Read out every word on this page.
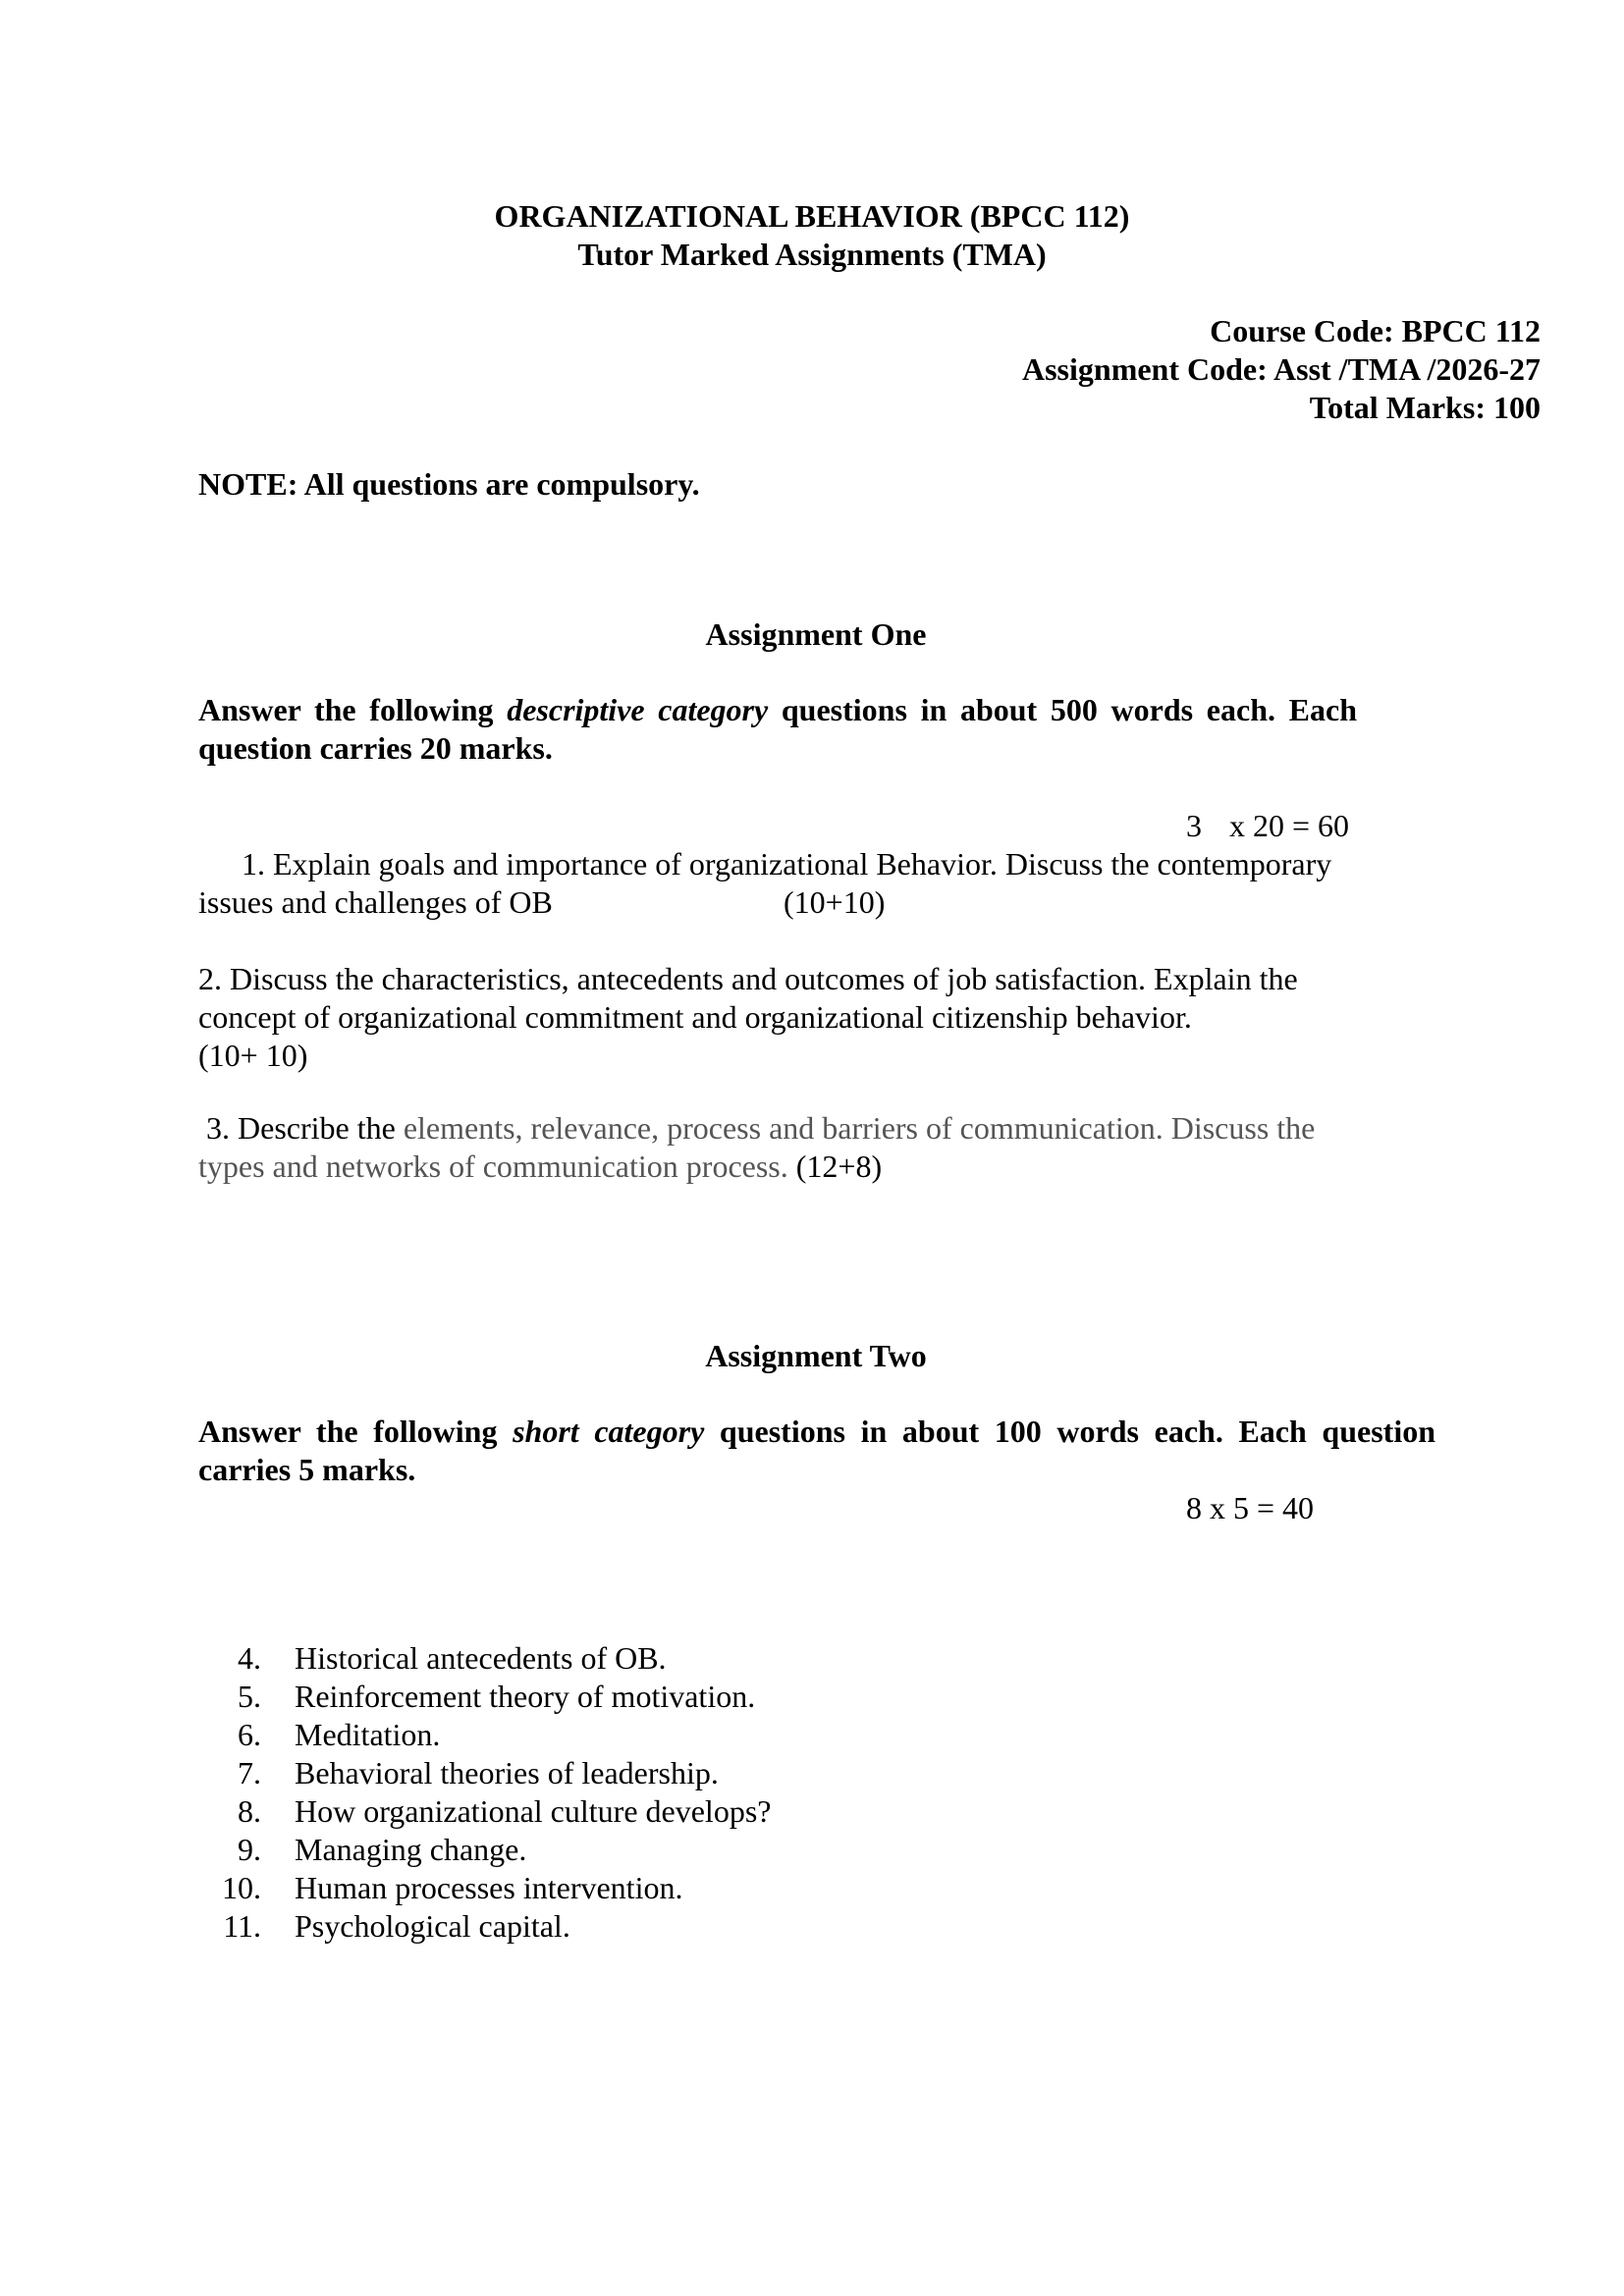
ORGANIZATIONAL BEHAVIOR (BPCC 112)
Tutor Marked Assignments (TMA)
Course Code: BPCC 112
Assignment Code: Asst /TMA /2026-27
Total Marks: 100
NOTE: All questions are compulsory.
Assignment One
Answer the following descriptive category questions in about 500 words each. Each
question carries 20 marks.
3 x 20 = 60
1. Explain goals and importance of organizational Behavior. Discuss the contemporary
issues and challenges of OB	(10+10)
2. Discuss the characteristics, antecedents and outcomes of job satisfaction. Explain the
concept of organizational commitment and organizational citizenship behavior.
(10+ 10)
3. Describe the elements, relevance, process and barriers of communication. Discuss the
types and networks of communication process. (12+8)
Assignment Two
Answer the following short category questions in about 100 words each. Each question
carries 5 marks.
8 x 5 = 40
4. Historical antecedents of OB.
5. Reinforcement theory of motivation.
6. Meditation.
7. Behavioral theories of leadership.
8. How organizational culture develops?
9. Managing change.
10. Human processes intervention.
11. Psychological capital.
